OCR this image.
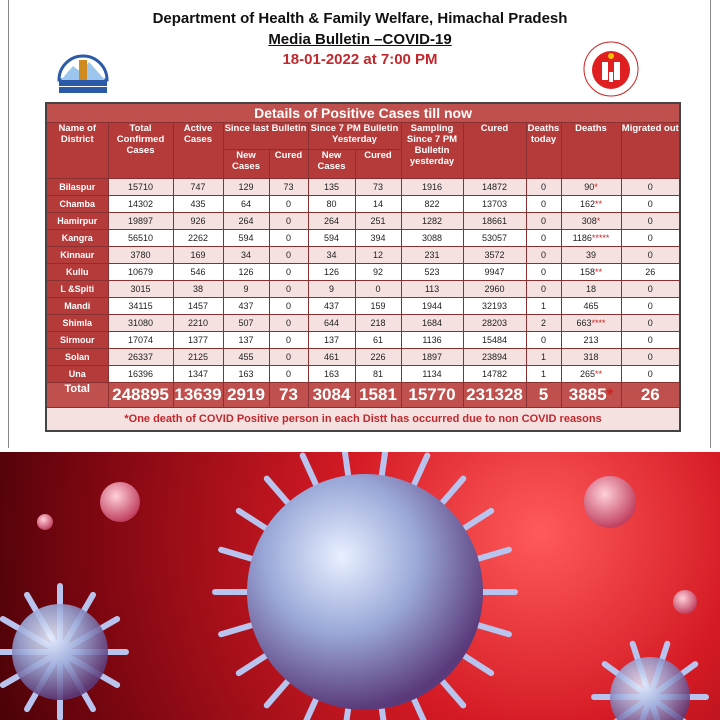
Department of Health & Family Welfare, Himachal Pradesh
Media Bulletin –COVID-19
18-01-2022 at 7:00 PM
Details of Positive Cases till now											
Name of District	Total Confirmed Cases	Active Cases	Since last Bulletin		Since 7 PM Bulletin Yesterday		Sampling Since 7 PM Bulletin yesterday	Cured	Deaths today	Deaths	Migrated out
			New Cases	Cured	New Cases	Cured					
Bilaspur	15710	747	129	73	135	73	1916	14872	0	90*	0
Chamba	14302	435	64	0	80	14	822	13703	0	162**	0
Hamirpur	19897	926	264	0	264	251	1282	18661	0	308*	0
Kangra	56510	2262	594	0	594	394	3088	53057	0	1186*****	0
Kinnaur	3780	169	34	0	34	12	231	3572	0	39	0
Kullu	10679	546	126	0	126	92	523	9947	0	158**	26
L &Spiti	3015	38	9	0	9	0	113	2960	0	18	0
Mandi	34115	1457	437	0	437	159	1944	32193	1	465	0
Shimla	31080	2210	507	0	644	218	1684	28203	2	663****	0
Sirmour	17074	1377	137	0	137	61	1136	15484	0	213	0
Solan	26337	2125	455	0	461	226	1897	23894	1	318	0
Una	16396	1347	163	0	163	81	1134	14782	1	265**	0
Total	248895	13639	2919	73	3084	1581	15770	231328	5	3885*	26
*One death of COVID Positive person in each Distt has occurred due to non COVID reasons											
